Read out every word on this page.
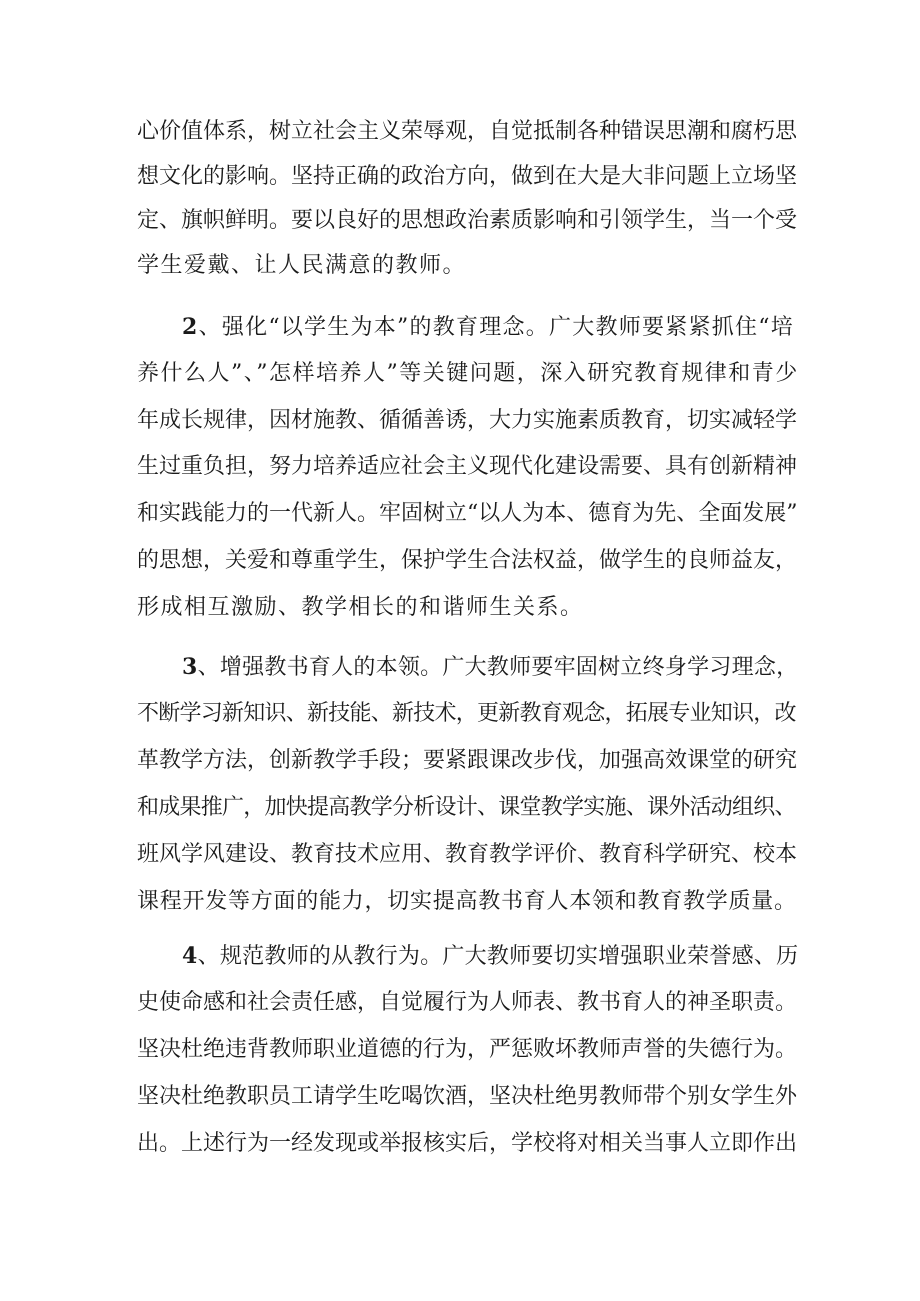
心价值体系，树立社会主义荣辱观，自觉抵制各种错误思潮和腐朽思
想文化的影响。坚持正确的政治方向，做到在大是大非问题上立场坚
定、旗帜鲜明。要以良好的思想政治素质影响和引领学生，当一个受
学生爱戴、让人民满意的教师。
2、强化“以学生为本”的教育理念。广大教师要紧紧抓住“培
养什么人”、”怎样培养人”等关键问题，深入研究教育规律和青少
年成长规律，因材施教、循循善诱，大力实施素质教育，切实减轻学
生过重负担，努力培养适应社会主义现代化建设需要、具有创新精神
和实践能力的一代新人。牢固树立“以人为本、德育为先、全面发展”
的思想，关爱和尊重学生，保护学生合法权益，做学生的良师益友，
形成相互激励、教学相长的和谐师生关系。
3、增强教书育人的本领。广大教师要牢固树立终身学习理念，
不断学习新知识、新技能、新技术，更新教育观念，拓展专业知识，改
革教学方法，创新教学手段；要紧跟课改步伐，加强高效课堂的研究
和成果推广，加快提高教学分析设计、课堂教学实施、课外活动组织、
班风学风建设、教育技术应用、教育教学评价、教育科学研究、校本
课程开发等方面的能力，切实提高教书育人本领和教育教学质量。
4、规范教师的从教行为。广大教师要切实增强职业荣誉感、历
史使命感和社会责任感，自觉履行为人师表、教书育人的神圣职责。
坚决杜绝违背教师职业道德的行为，严惩败坏教师声誉的失德行为。
坚决杜绝教职员工请学生吃喝饮酒，坚决杜绝男教师带个别女学生外
出。上述行为一经发现或举报核实后，学校将对相关当事人立即作出
